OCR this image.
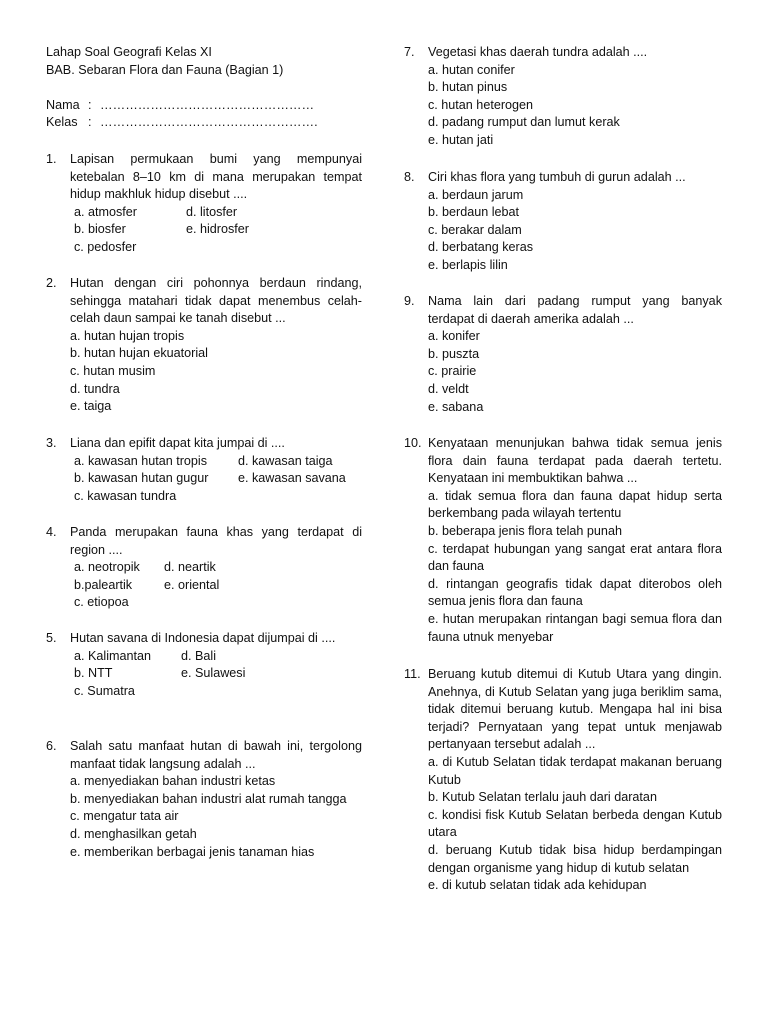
Lahap Soal Geografi Kelas XI
BAB. Sebaran Flora dan Fauna (Bagian 1)
Nama : ……………………………………………
Kelas : …………………………………………….
1.	Lapisan permukaan bumi yang mempunyai ketebalan 8–10 km di mana merupakan tempat hidup makhluk hidup disebut ....
a. atmosfer	d. litosfer
b. biosfer	e. hidrosfer
c. pedosfer
2.	Hutan dengan ciri pohonnya berdaun rindang, sehingga matahari tidak dapat menembus celah-celah daun sampai ke tanah disebut ...
a. hutan hujan tropis
b. hutan hujan ekuatorial
c. hutan musim
d. tundra
e. taiga
3.	Liana dan epifit dapat kita jumpai di ....
a. kawasan hutan tropis	d. kawasan taiga
b. kawasan hutan gugur	e. kawasan savana
c. kawasan tundra
4.	Panda merupakan fauna khas yang terdapat di region ....
a. neotropik	d. neartik
b.paleartik	e. oriental
c. etiopoa
5.	Hutan savana di Indonesia dapat dijumpai di ....
a. Kalimantan	d. Bali
b. NTT	e. Sulawesi
c. Sumatra
6.	Salah satu manfaat hutan di bawah ini, tergolong manfaat tidak langsung adalah ...
a. menyediakan bahan industri ketas
b. menyediakan bahan industri alat rumah tangga
c. mengatur tata air
d. menghasilkan getah
e. memberikan berbagai jenis tanaman hias
7.	Vegetasi khas daerah tundra adalah ....
a. hutan conifer
b. hutan pinus
c. hutan heterogen
d. padang rumput dan lumut kerak
e. hutan jati
8.	Ciri khas flora yang tumbuh di gurun adalah ...
a. berdaun jarum
b. berdaun lebat
c. berakar dalam
d. berbatang keras
e. berlapis lilin
9.	Nama lain dari padang rumput yang banyak terdapat di daerah amerika adalah ...
a. konifer
b. puszta
c. prairie
d. veldt
e. sabana
10. Kenyataan menunjukan bahwa tidak semua jenis flora dain fauna terdapat pada daerah tertetu. Kenyataan ini membuktikan bahwa ...
a. tidak semua flora dan fauna dapat hidup serta berkembang pada wilayah tertentu
b. beberapa jenis flora telah punah
c. terdapat hubungan yang sangat erat antara flora dan fauna
d. rintangan geografis tidak dapat diterobos oleh semua jenis flora dan fauna
e. hutan merupakan rintangan bagi semua flora dan fauna utnuk menyebar
11. Beruang kutub ditemui di Kutub Utara yang dingin. Anehnya, di Kutub Selatan yang juga beriklim sama, tidak ditemui beruang kutub. Mengapa hal ini bisa terjadi? Pernyataan yang tepat untuk menjawab pertanyaan tersebut adalah ...
a. di Kutub Selatan tidak terdapat makanan beruang Kutub
b. Kutub Selatan terlalu jauh dari daratan
c. kondisi fisk Kutub Selatan berbeda dengan Kutub utara
d. beruang Kutub tidak bisa hidup berdampingan dengan organisme yang hidup di kutub selatan
e. di kutub selatan tidak ada kehidupan
